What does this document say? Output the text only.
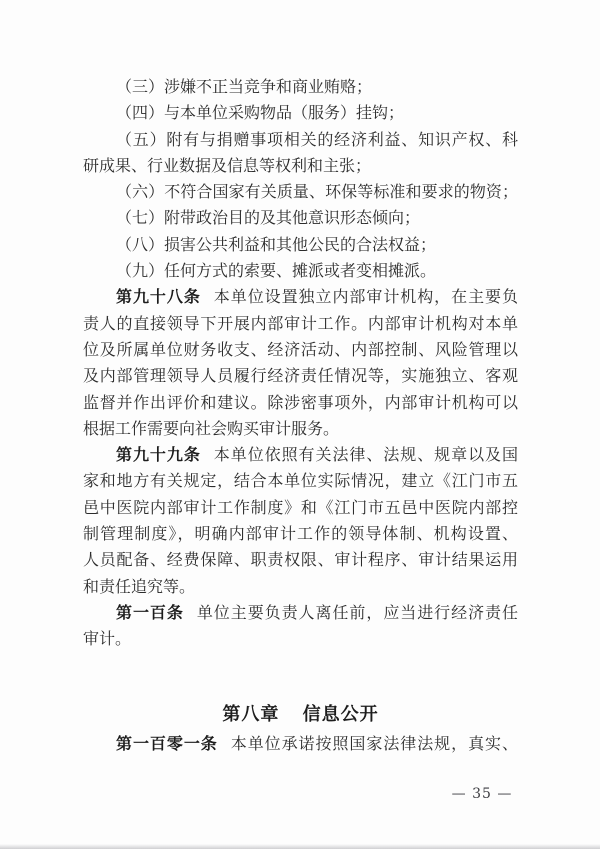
（三）涉嫌不正当竞争和商业贿赂；
（四）与本单位采购物品（服务）挂钩；
（五）附有与捐赠事项相关的经济利益、知识产权、科
研成果、行业数据及信息等权利和主张；
（六）不符合国家有关质量、环保等标准和要求的物资；
（七）附带政治目的及其他意识形态倾向；
（八）损害公共利益和其他公民的合法权益；
（九）任何方式的索要、摊派或者变相摊派。
第九十八条 本单位设置独立内部审计机构，在主要负
责人的直接领导下开展内部审计工作。内部审计机构对本单
位及所属单位财务收支、经济活动、内部控制、风险管理以
及内部管理领导人员履行经济责任情况等，实施独立、客观
监督并作出评价和建议。除涉密事项外，内部审计机构可以
根据工作需要向社会购买审计服务。
第九十九条 本单位依照有关法律、法规、规章以及国
家和地方有关规定，结合本单位实际情况，建立《江门市五
邑中医院内部审计工作制度》和《江门市五邑中医院内部控
制管理制度》，明确内部审计工作的领导体制、机构设置、
人员配备、经费保障、职责权限、审计程序、审计结果运用
和责任追究等。
第一百条 单位主要负责人离任前，应当进行经济责任
审计。
第八章 信息公开
第一百零一条 本单位承诺按照国家法律法规，真实、
— 35 —
